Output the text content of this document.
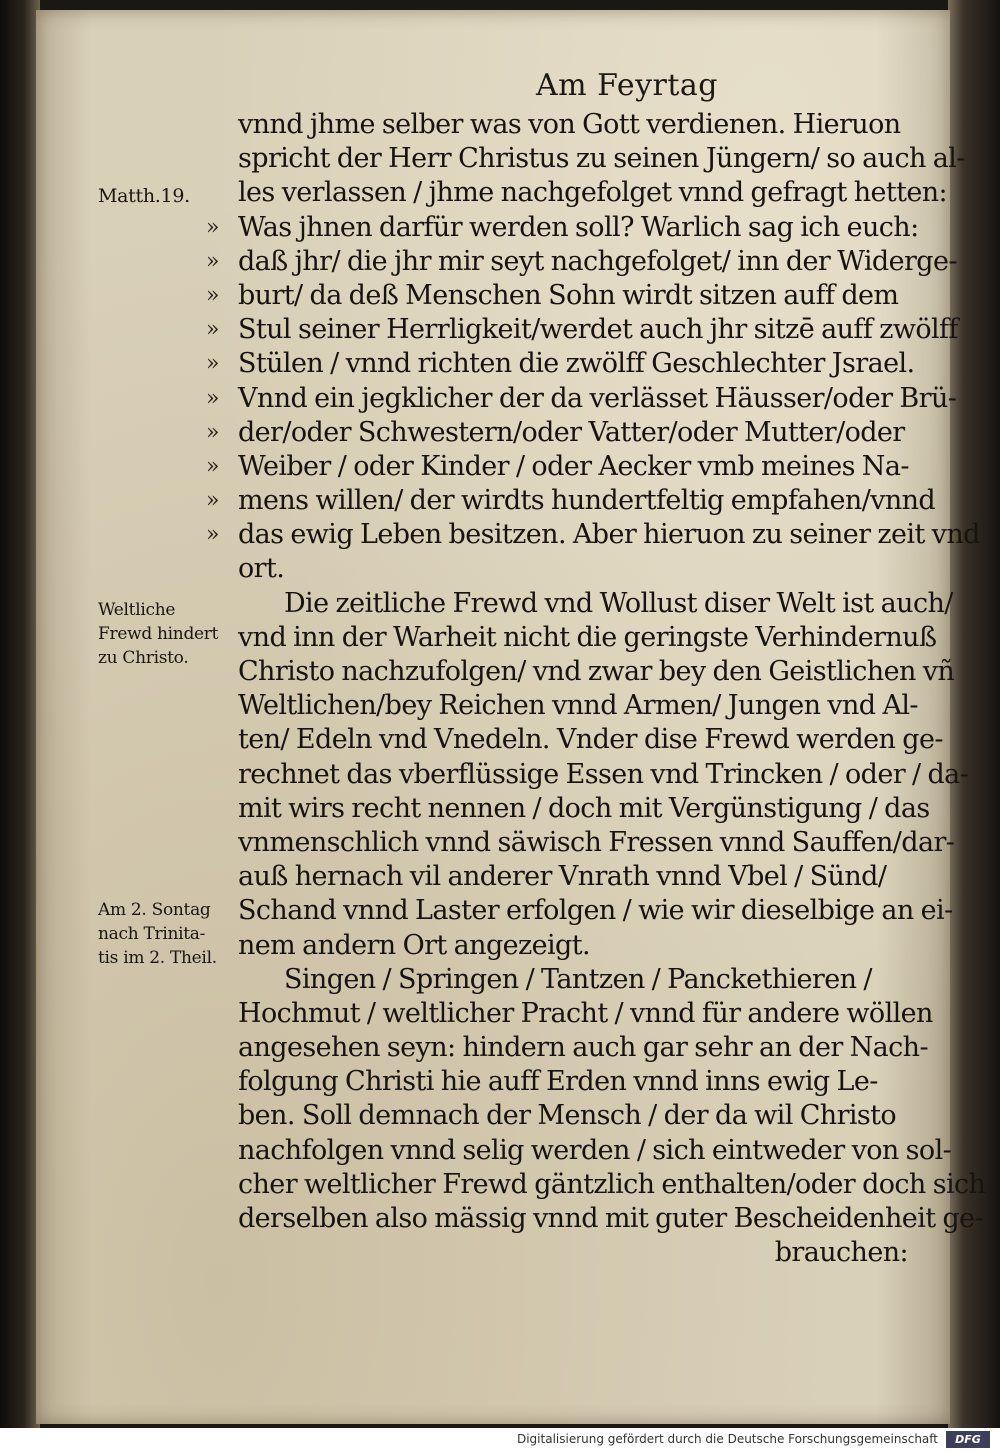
Am Feyrtag
Matth.19.
Weltliche
Frewd hindert
zu Christo.
Am 2. Sontag
nach Trinita-
tis im 2. Theil.
vnnd jhme selber was von Gott verdienen. Hieruon
spricht der Herr Christus zu seinen Jüngern/ so auch al-
les verlassen / jhme nachgefolget vnnd gefragt hetten:
» Was jhnen darfür werden soll? Warlich sag ich euch:
» daß jhr/ die jhr mir seyt nachgefolget/ inn der Widerge-
» burt/ da deß Menschen Sohn wirdt sitzen auff dem
» Stul seiner Herrligkeit/werdet auch jhr sitzē auff zwölff
» Stülen / vnnd richten die zwölff Geschlechter Jsrael.
» Vnnd ein jegklicher der da verlässet Häusser/oder Brü-
» der/oder Schwestern/oder Vatter/oder Mutter/oder
» Weiber / oder Kinder / oder Aecker vmb meines Na-
» mens willen/ der wirdts hundertfeltig empfahen/vnnd
» das ewig Leben besitzen. Aber hieruon zu seiner zeit vnd
ort.
Die zeitliche Frewd vnd Wollust diser Welt ist auch/
vnd inn der Warheit nicht die geringste Verhindernuß
Christo nachzufolgen/ vnd zwar bey den Geistlichen vñ
Weltlichen/bey Reichen vnnd Armen/ Jungen vnd Al-
ten/ Edeln vnd Vnedeln. Vnder dise Frewd werden ge-
rechnet das vberflüssige Essen vnd Trincken / oder / da-
mit wirs recht nennen / doch mit Vergünstigung / das
vnmenschlich vnnd säwisch Fressen vnnd Sauffen/dar-
auß hernach vil anderer Vnrath vnnd Vbel / Sünd/
Schand vnnd Laster erfolgen / wie wir dieselbige an ei-
nem andern Ort angezeigt.
Singen / Springen / Tantzen / Panckethieren /
Hochmut / weltlicher Pracht / vnnd für andere wöllen
angesehen seyn: hindern auch gar sehr an der Nach-
folgung Christi hie auff Erden vnnd inns ewig Le-
ben. Soll demnach der Mensch / der da wil Christo
nachfolgen vnnd selig werden / sich eintweder von sol-
cher weltlicher Frewd gäntzlich enthalten/oder doch sich
derselben also mässig vnnd mit guter Bescheidenheit ge-
brauchen:
Digitalisierung gefördert durch die Deutsche Forschungsgemeinschaft	DFG
